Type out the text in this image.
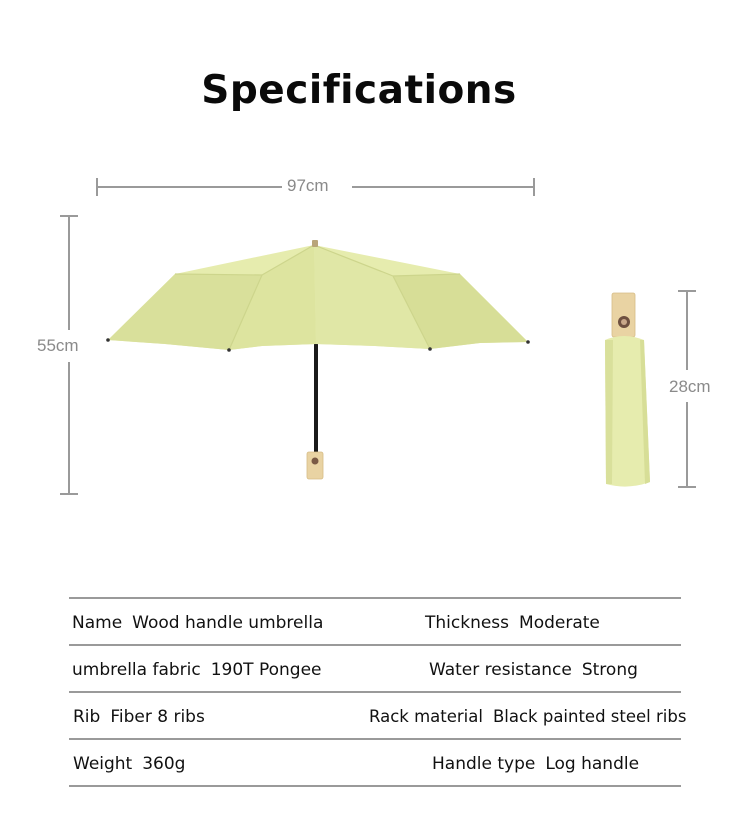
Specifications
97cm
55cm
28cm
Name Wood handle umbrella	Thickness Moderate
umbrella fabric 190T Pongee	Water resistance Strong
Rib Fiber 8 ribs	Rack material Black painted steel ribs
Weight 360g	Handle type Log handle
